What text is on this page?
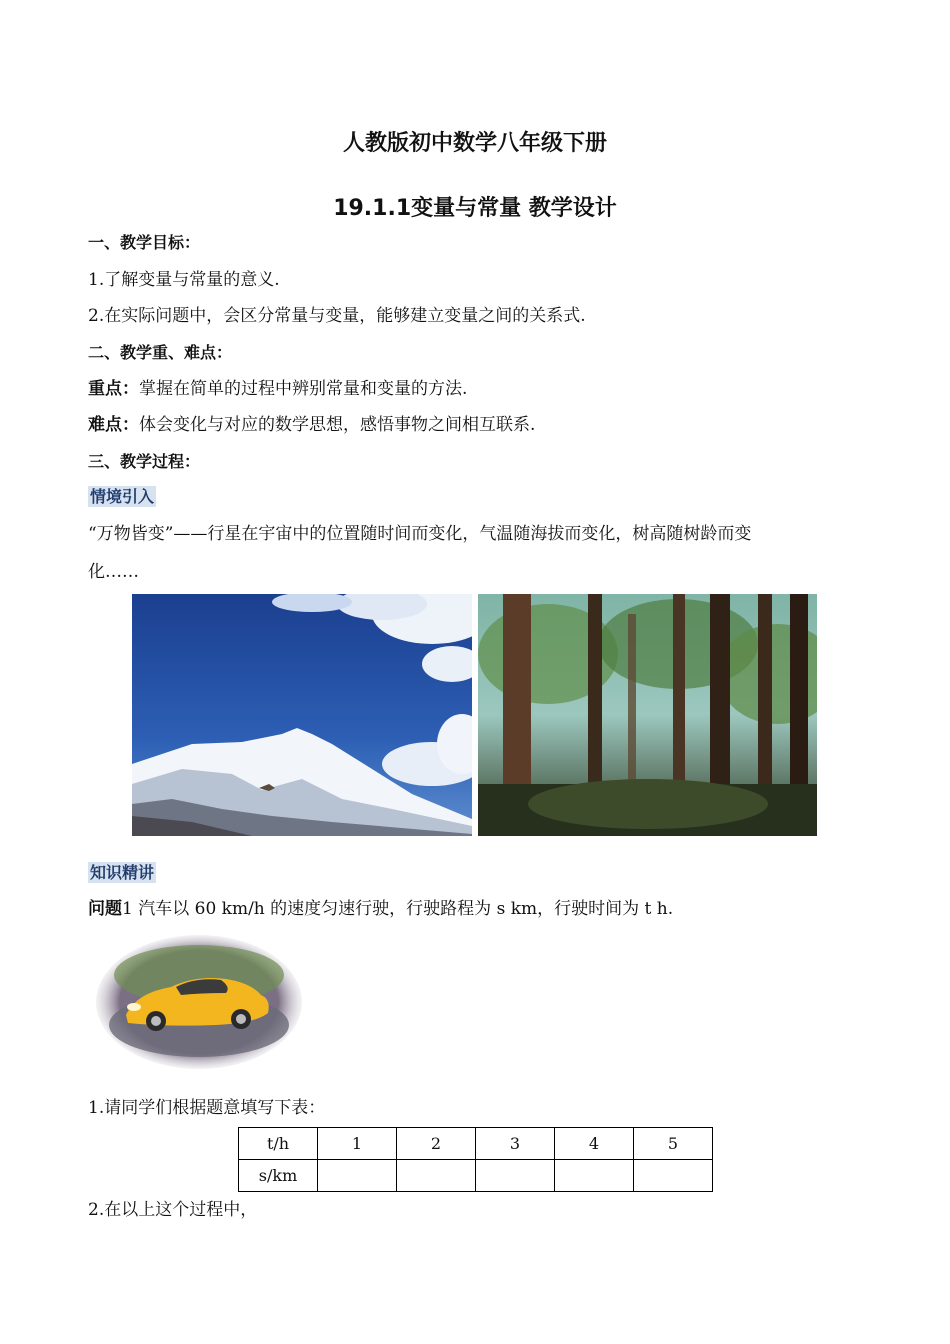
人教版初中数学八年级下册
19.1.1变量与常量 教学设计
一、教学目标：
1.了解变量与常量的意义.
2.在实际问题中，会区分常量与变量，能够建立变量之间的关系式.
二、教学重、难点：
重点：掌握在简单的过程中辨别常量和变量的方法.
难点：体会变化与对应的数学思想，感悟事物之间相互联系.
三、教学过程：
情境引入
“万物皆变”——行星在宇宙中的位置随时间而变化，气温随海拔而变化，树高随树龄而变
化……
知识精讲
问题1 汽车以 60 km/h 的速度匀速行驶，行驶路程为 s km，行驶时间为 t h.
1.请同学们根据题意填写下表：
t/h	1	2	3	4	5
s/km					
2.在以上这个过程中，
